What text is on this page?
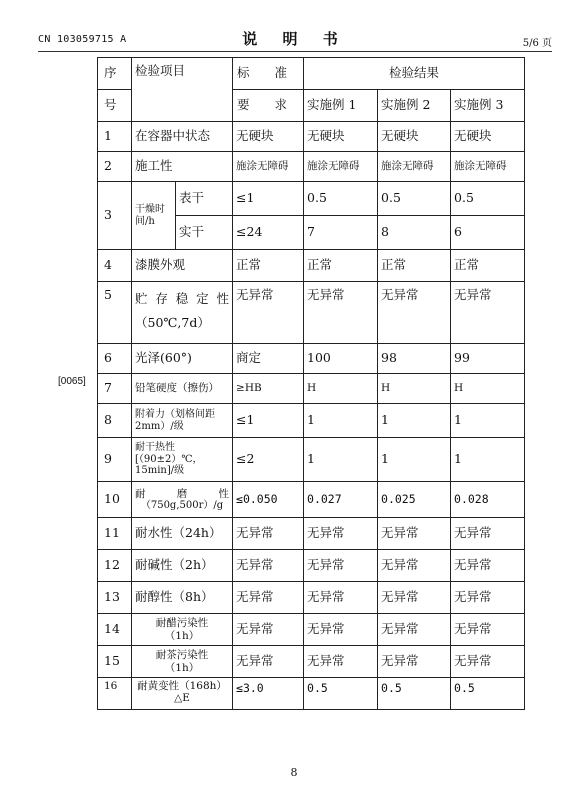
CN 103059715 A	说 明 书	5/6 页
[0065]
序	检验项目		标　　准	检验结果		
号			要　　求	实施例 1	实施例 2	实施例 3
1	在容器中状态		无硬块	无硬块	无硬块	无硬块
2	施工性		施涂无障碍	施涂无障碍	施涂无障碍	施涂无障碍
3	干燥时间/h	表干	≤1	0.5	0.5	0.5
		实干	≤24	7	8	6
4	漆膜外观		正常	正常	正常	正常
5	贮存稳定性
（50℃,7d）		无异常	无异常	无异常	无异常
6	光泽(60°)		商定	100	98	99
7	铅笔硬度（擦伤）		≥HB	H	H	H
8	附着力（划格间距 2mm）/级		≤1	1	1	1
9	耐干热性[（90±2）℃，15min]/级		≤2	1	1	1
10	耐磨性
（750g,500r）/g		≤0.050	0.027	0.025	0.028
11	耐水性（24h）		无异常	无异常	无异常	无异常
12	耐碱性（2h）		无异常	无异常	无异常	无异常
13	耐醇性（8h）		无异常	无异常	无异常	无异常
14	耐醋污染性
（1h）		无异常	无异常	无异常	无异常
15	耐茶污染性
（1h）		无异常	无异常	无异常	无异常
16	耐黄变性（168h）
△E		≤3.0	0.5	0.5	0.5
8
